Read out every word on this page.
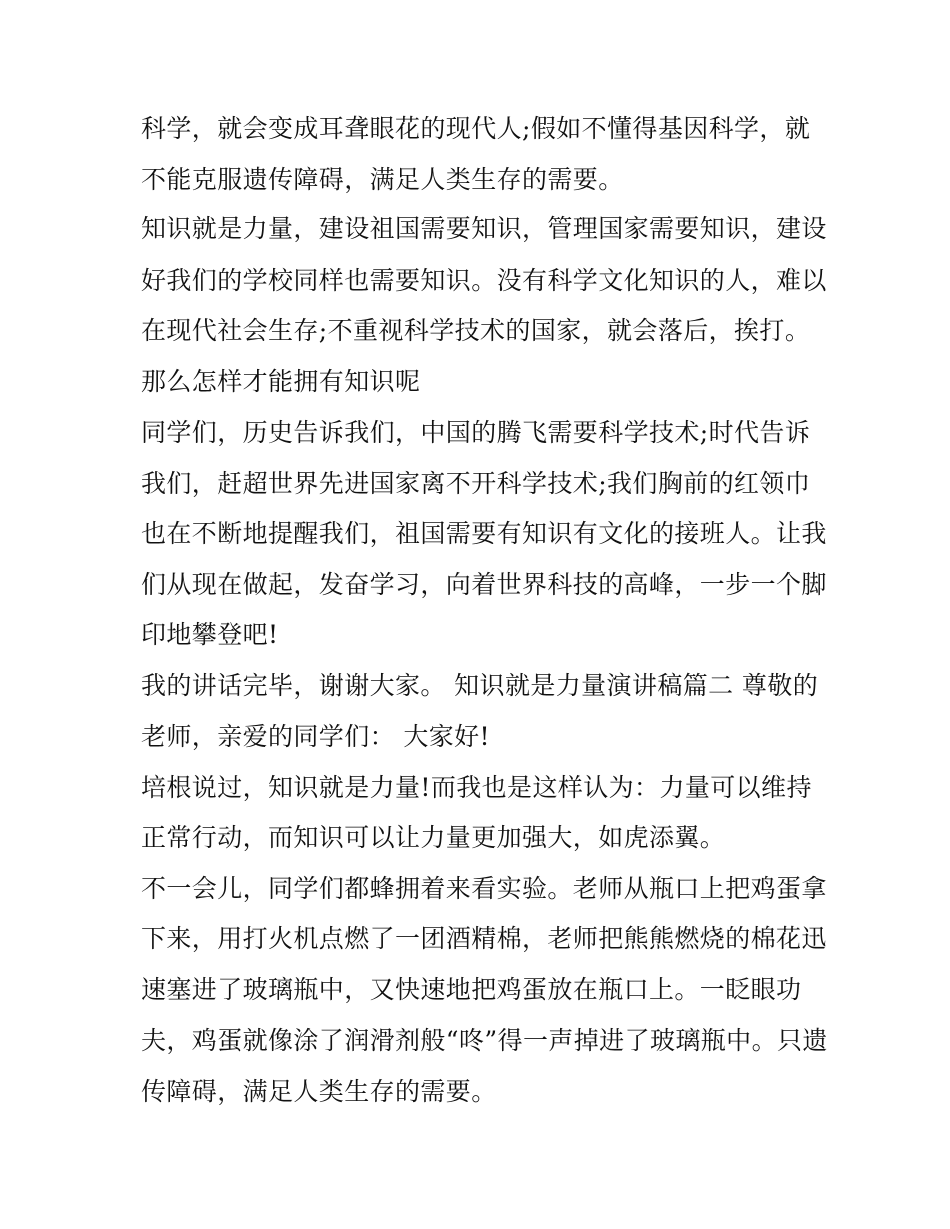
科学，就会变成耳聋眼花的现代人;假如不懂得基因科学，就
不能克服遗传障碍，满足人类生存的需要。
知识就是力量，建设祖国需要知识，管理国家需要知识，建设
好我们的学校同样也需要知识。没有科学文化知识的人，难以
在现代社会生存;不重视科学技术的国家，就会落后，挨打。
那么怎样才能拥有知识呢
同学们，历史告诉我们，中国的腾飞需要科学技术;时代告诉
我们，赶超世界先进国家离不开科学技术;我们胸前的红领巾
也在不断地提醒我们，祖国需要有知识有文化的接班人。让我
们从现在做起，发奋学习，向着世界科技的高峰，一步一个脚
印地攀登吧!
我的讲话完毕，谢谢大家。 知识就是力量演讲稿篇二 尊敬的
老师，亲爱的同学们： 大家好!
培根说过，知识就是力量!而我也是这样认为：力量可以维持
正常行动，而知识可以让力量更加强大，如虎添翼。
不一会儿，同学们都蜂拥着来看实验。老师从瓶口上把鸡蛋拿
下来，用打火机点燃了一团酒精棉，老师把熊熊燃烧的棉花迅
速塞进了玻璃瓶中，又快速地把鸡蛋放在瓶口上。一眨眼功
夫，鸡蛋就像涂了润滑剂般“咚”得一声掉进了玻璃瓶中。只遗
传障碍，满足人类生存的需要。
